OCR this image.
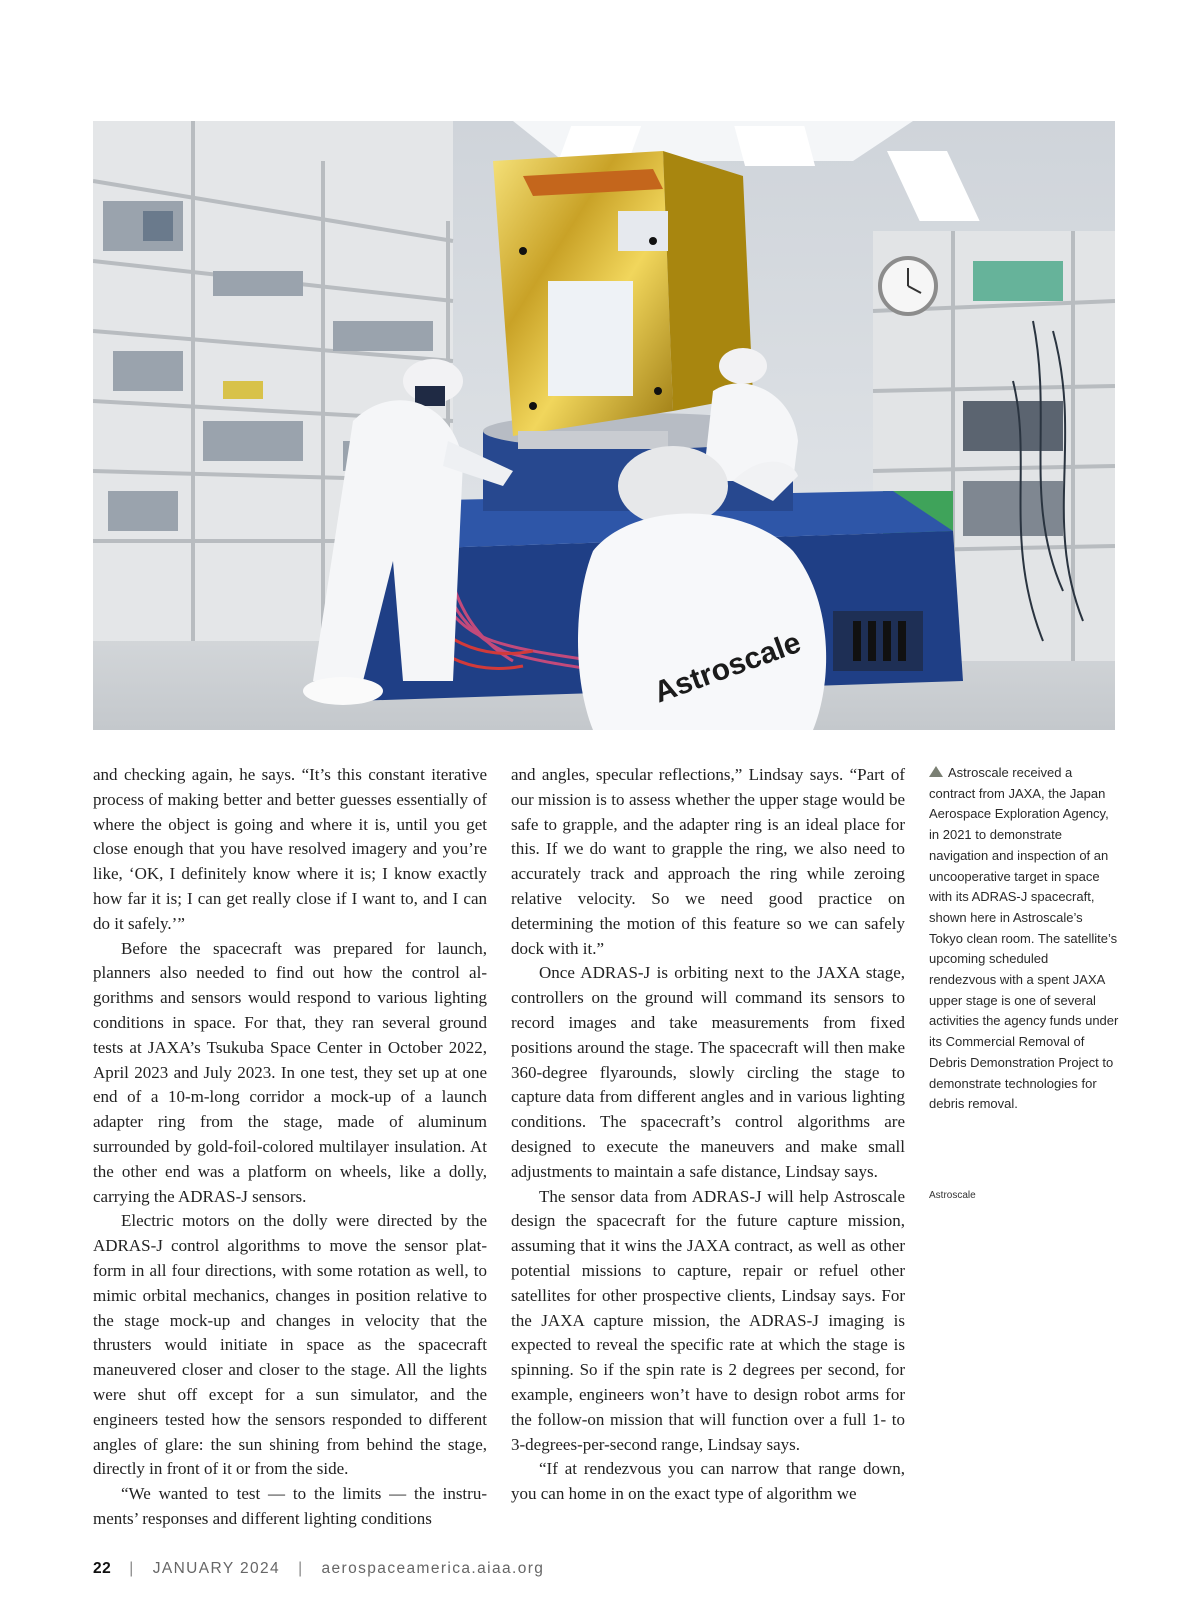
Astroscale

and checking again, he says. “It’s this constant iterative process of making better and better guesses essentially of where the object is going and where it is, until you get close enough that you have resolved imagery and you’re like, ‘OK, I definitely know where it is; I know exactly how far it is; I can get really close if I want to, and I can do it safely.’”

Before the spacecraft was prepared for launch, planners also needed to find out how the control algorithms and sensors would respond to various lighting conditions in space. For that, they ran several ground tests at JAXA’s Tsukuba Space Center in October 2022, April 2023 and July 2023. In one test, they set up at one end of a 10-m-long corridor a mock-up of a launch adapter ring from the stage, made of aluminum surrounded by gold-foil-colored multilayer insulation. At the other end was a platform on wheels, like a dolly, carrying the ADRAS-J sensors.

Electric motors on the dolly were directed by the ADRAS-J control algorithms to move the sensor platform in all four directions, with some rotation as well, to mimic orbital mechanics, changes in position relative to the stage mock-up and changes in velocity that the thrusters would initiate in space as the spacecraft maneuvered closer and closer to the stage. All the lights were shut off except for a sun simulator, and the engineers tested how the sensors responded to different angles of glare: the sun shining from behind the stage, directly in front of it or from the side.

“We wanted to test — to the limits — the instruments’ responses and different lighting conditions

and angles, specular reflections,” Lindsay says. “Part of our mission is to assess whether the upper stage would be safe to grapple, and the adapter ring is an ideal place for this. If we do want to grapple the ring, we also need to accurately track and approach the ring while zeroing relative velocity. So we need good practice on determining the motion of this feature so we can safely dock with it.”

Once ADRAS-J is orbiting next to the JAXA stage, controllers on the ground will command its sensors to record images and take measurements from fixed positions around the stage. The spacecraft will then make 360-degree flyarounds, slowly circling the stage to capture data from different angles and in various lighting conditions. The spacecraft’s control algorithms are designed to execute the maneuvers and make small adjustments to maintain a safe distance, Lindsay says.

The sensor data from ADRAS-J will help Astroscale design the spacecraft for the future capture mission, assuming that it wins the JAXA contract, as well as other potential missions to capture, repair or refuel other satellites for other prospective clients, Lindsay says. For the JAXA capture mission, the ADRAS-J imaging is expected to reveal the specific rate at which the stage is spinning. So if the spin rate is 2 degrees per second, for example, engineers won’t have to design robot arms for the follow-on mission that will function over a full 1- to 3-degrees-per-second range, Lindsay says.

“If at rendezvous you can narrow that range down, you can home in on the exact type of algorithm we

Astroscale received a contract from JAXA, the Japan Aerospace Exploration Agency, in 2021 to demonstrate navigation and inspection of an uncooperative target in space with its ADRAS-J spacecraft, shown here in Astroscale’s Tokyo clean room. The satellite’s upcoming scheduled rendezvous with a spent JAXA upper stage is one of several activities the agency funds under its Commercial Removal of Debris Demonstration Project to demonstrate technologies for debris removal.
Astroscale
22 | JANUARY 2024 | aerospaceamerica.aiaa.org
